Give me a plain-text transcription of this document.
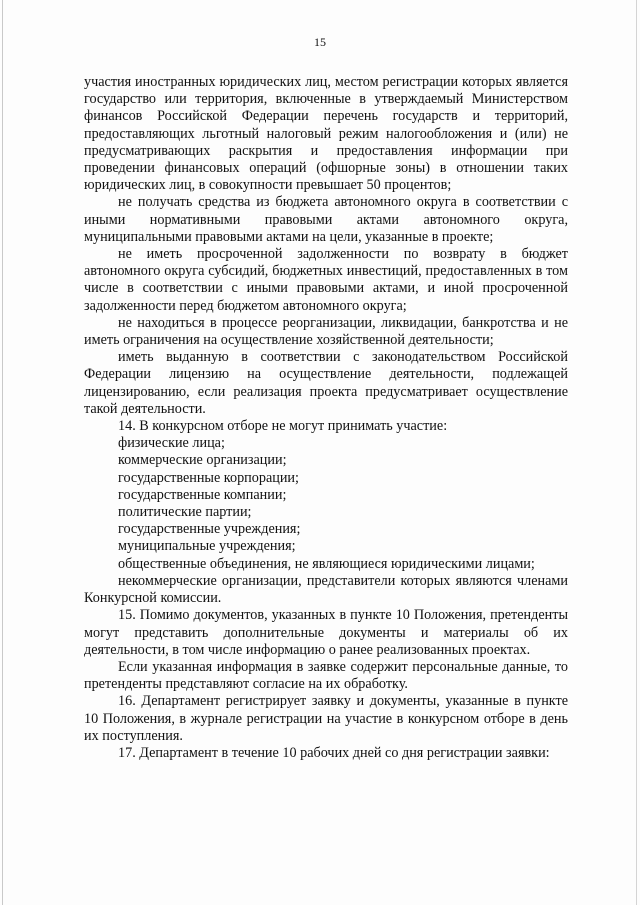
15

участия иностранных юридических лиц, местом регистрации которых является государство или территория, включенные в утверждаемый Министерством финансов Российской Федерации перечень государств и территорий, предоставляющих льготный налоговый режим налогообложения и (или) не предусматривающих раскрытия и предоставления информации при проведении финансовых операций (офшорные зоны) в отношении таких юридических лиц, в совокупности превышает 50 процентов;

не получать средства из бюджета автономного округа в соответствии с иными нормативными правовыми актами автономного округа, муниципальными правовыми актами на цели, указанные в проекте;

не иметь просроченной задолженности по возврату в бюджет автономного округа субсидий, бюджетных инвестиций, предоставленных в том числе в соответствии с иными правовыми актами, и иной просроченной задолженности перед бюджетом автономного округа;

не находиться в процессе реорганизации, ликвидации, банкротства и не иметь ограничения на осуществление хозяйственной деятельности;

иметь выданную в соответствии с законодательством Российской Федерации лицензию на осуществление деятельности, подлежащей лицензированию, если реализация проекта предусматривает осуществление такой деятельности.

14. В конкурсном отборе не могут принимать участие:

физические лица;

коммерческие организации;

государственные корпорации;

государственные компании;

политические партии;

государственные учреждения;

муниципальные учреждения;

общественные объединения, не являющиеся юридическими лицами;

некоммерческие организации, представители которых являются членами Конкурсной комиссии.

15. Помимо документов, указанных в пункте 10 Положения, претенденты могут представить дополнительные документы и материалы об их деятельности, в том числе информацию о ранее реализованных проектах.

Если указанная информация в заявке содержит персональные данные, то претенденты представляют согласие на их обработку.

16. Департамент регистрирует заявку и документы, указанные в пункте 10 Положения, в журнале регистрации на участие в конкурсном отборе в день их поступления.

17. Департамент в течение 10 рабочих дней со дня регистрации заявки:
